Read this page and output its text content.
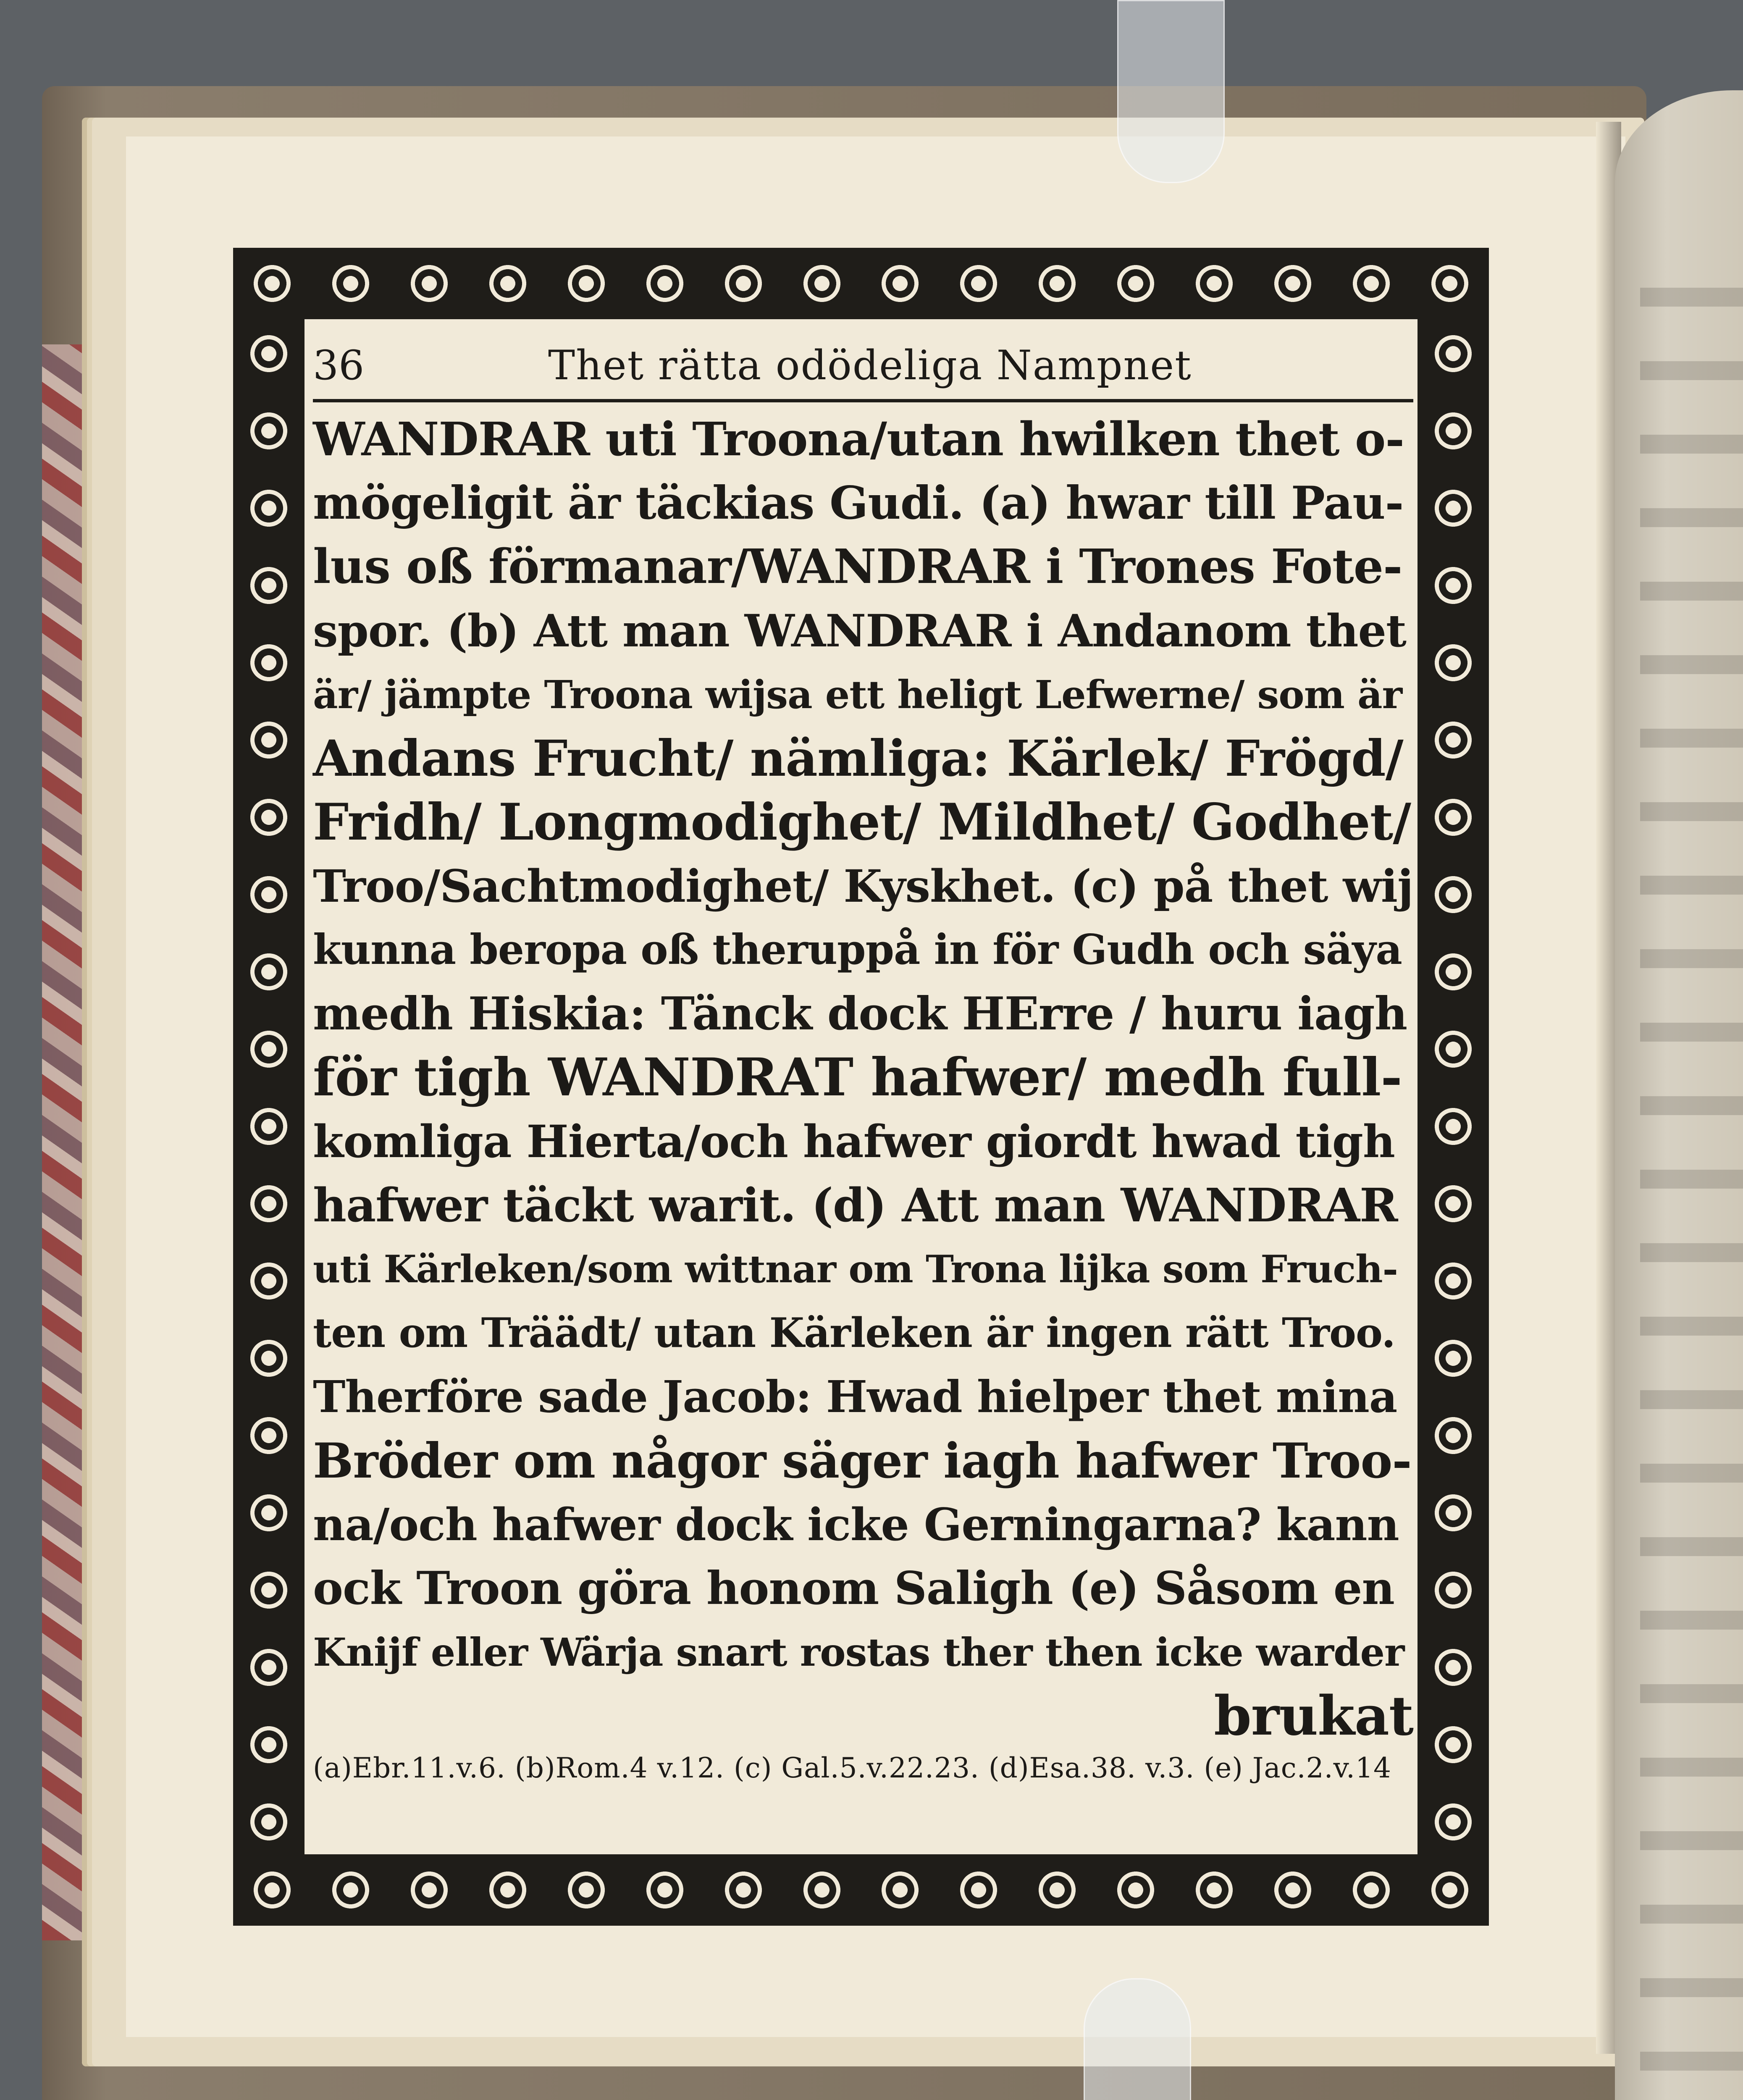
36	Thet rätta odödeliga Nampnet
WANDRAR uti Troona/utan hwilken thet o-
mögeligit är täckias Gudi. (a) hwar till Pau-
lus oß förmanar/WANDRAR i Trones Fote-
spor. (b) Att man WANDRAR i Andanom thet
är/ jämpte Troona wijsa ett heligt Lefwerne/ som är
Andans Frucht/ nämliga: Kärlek/ Frögd/
Fridh/ Longmodighet/ Mildhet/ Godhet/
Troo/Sachtmodighet/ Kyskhet. (c) på thet wij
kunna beropa oß theruppå in för Gudh och säya
medh Hiskia: Tänck dock HErre / huru iagh
för tigh WANDRAT hafwer/ medh full-
komliga Hierta/och hafwer giordt hwad tigh
hafwer täckt warit. (d) Att man WANDRAR
uti Kärleken/som wittnar om Trona lijka som Fruch-
ten om Träädt/ utan Kärleken är ingen rätt Troo.
Therföre sade Jacob: Hwad hielper thet mina
Bröder om någor säger iagh hafwer Troo-
na/och hafwer dock icke Gerningarna? kann
ock Troon göra honom Saligh (e) Såsom en
Knijf eller Wärja snart rostas ther then icke warder
brukat
(a)Ebr.11.v.6. (b)Rom.4 v.12. (c) Gal.5.v.22.23. (d)Esa.38. v.3. (e) Jac.2.v.14
